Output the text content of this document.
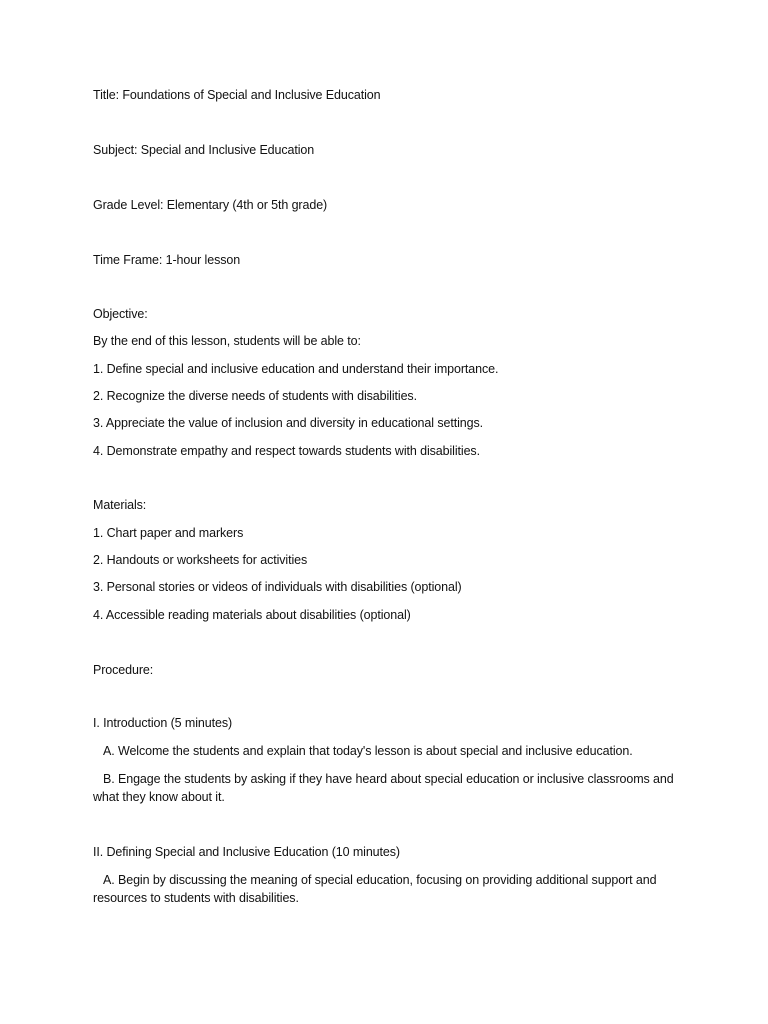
Title: Foundations of Special and Inclusive Education
Subject: Special and Inclusive Education
Grade Level: Elementary (4th or 5th grade)
Time Frame: 1-hour lesson
Objective:
By the end of this lesson, students will be able to:
1. Define special and inclusive education and understand their importance.
2. Recognize the diverse needs of students with disabilities.
3. Appreciate the value of inclusion and diversity in educational settings.
4. Demonstrate empathy and respect towards students with disabilities.
Materials:
1. Chart paper and markers
2. Handouts or worksheets for activities
3. Personal stories or videos of individuals with disabilities (optional)
4. Accessible reading materials about disabilities (optional)
Procedure:
I. Introduction (5 minutes)
A. Welcome the students and explain that today's lesson is about special and inclusive education.
B. Engage the students by asking if they have heard about special education or inclusive classrooms and what they know about it.
II. Defining Special and Inclusive Education (10 minutes)
A. Begin by discussing the meaning of special education, focusing on providing additional support and resources to students with disabilities.
